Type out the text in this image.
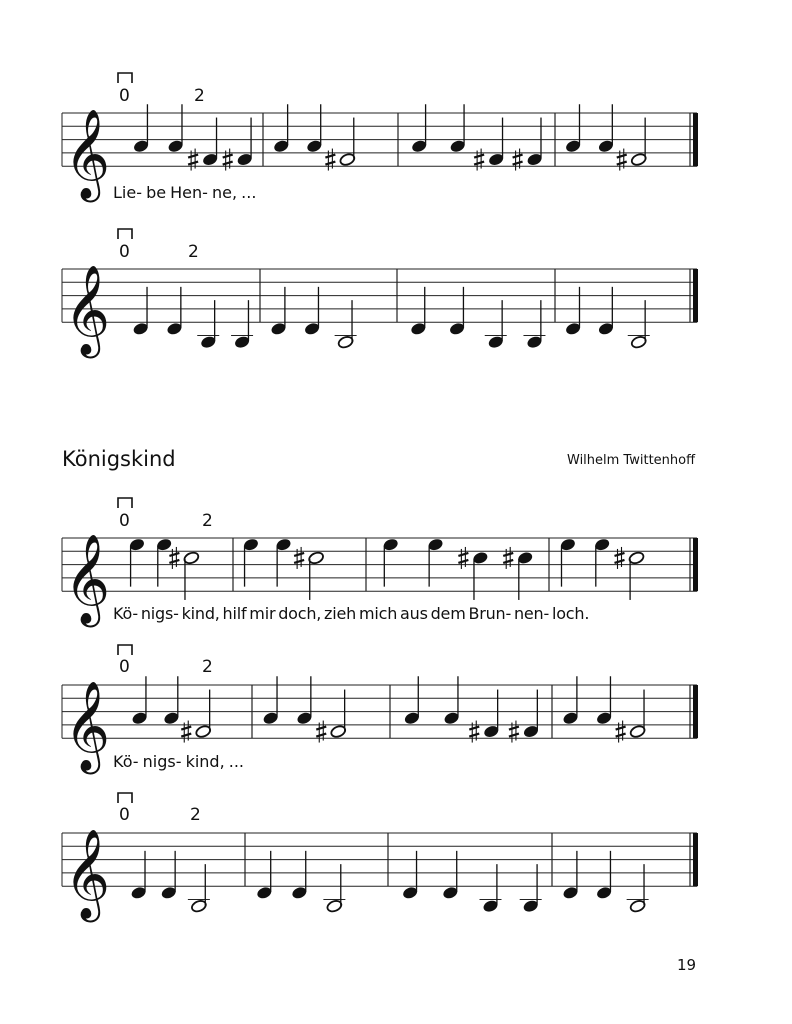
𝄞
𝄞
𝄞
𝄞
𝄞
Königskind	Wilhelm Twittenhoff
19
0	2
0	2
0	2
0	2
0	2
Lie- be Hen- ne, ...
Kö- nigs- kind, hilf mir doch, zieh mich aus dem Brun- nen- loch.
Kö- nigs- kind, ...
